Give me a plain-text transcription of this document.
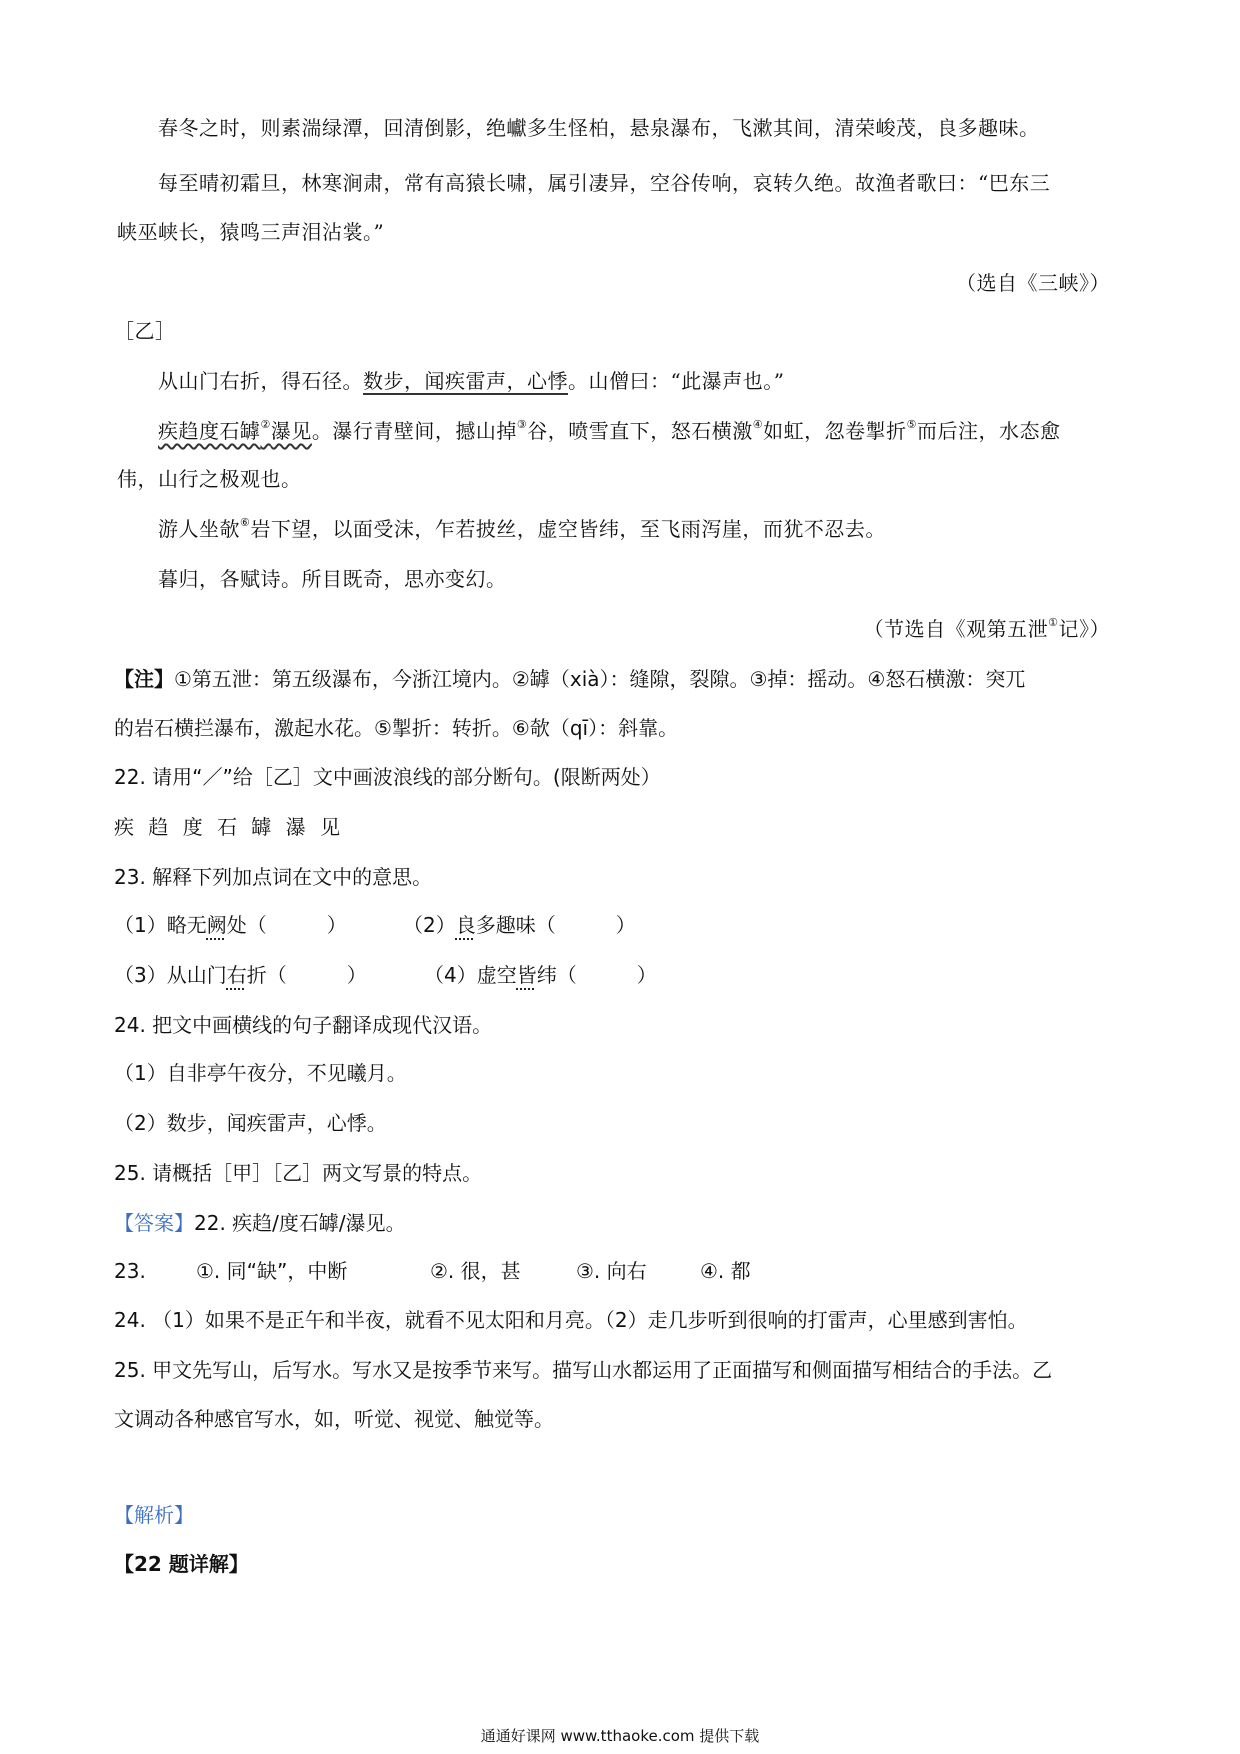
春冬之时，则素湍绿潭，回清倒影，绝巘多生怪柏，悬泉瀑布，飞漱其间，清荣峻茂，良多趣味。
每至晴初霜旦，林寒涧肃，常有高猿长啸，属引凄异，空谷传响，哀转久绝。故渔者歌曰：“巴东三
峡巫峡长，猿鸣三声泪沾裳。”
（选自《三峡》）
［乙］
从山门右折，得石径。数步，闻疾雷声，心悸。山僧曰：“此瀑声也。”
疾趋度石罅②瀑见。瀑行青壁间，撼山掉③谷，喷雪直下，怒石横激④如虹，忽卷掣折⑤而后注，水态愈
伟，山行之极观也。
游人坐欹⑥岩下望，以面受沫，乍若披丝，虚空皆纬，至飞雨泻崖，而犹不忍去。
暮归，各赋诗。所目既奇，思亦变幻。
（节选自《观第五泄①记》）
【注】①第五泄：第五级瀑布，今浙江境内。②罅（xià）：缝隙，裂隙。③掉：摇动。④怒石横激：突兀
的岩石横拦瀑布，激起水花。⑤掣折：转折。⑥欹（qī）：斜靠。
22. 请用“／”给［乙］文中画波浪线的部分断句。(限断两处）
疾 趋 度 石 罅 瀑 见
23. 解释下列加点词在文中的意思。
（1）略无阙处（　　　）	（2）良多趣味（　　　）
（3）从山门右折（　　　）	（4）虚空皆纬（　　　）
24. 把文中画横线的句子翻译成现代汉语。
（1）自非亭午夜分，不见曦月。
（2）数步，闻疾雷声，心悸。
25. 请概括［甲］［乙］两文写景的特点。
【答案】22. 疾趋/度石罅/瀑见。
23.	①. 同“缺”，中断	②. 很，甚	③. 向右	④. 都
24. （1）如果不是正午和半夜，就看不见太阳和月亮。（2）走几步听到很响的打雷声，心里感到害怕。
25. 甲文先写山，后写水。写水又是按季节来写。描写山水都运用了正面描写和侧面描写相结合的手法。乙
文调动各种感官写水，如，听觉、视觉、触觉等。
【解析】
【22 题详解】
通通好课网 www.tthaoke.com 提供下载
